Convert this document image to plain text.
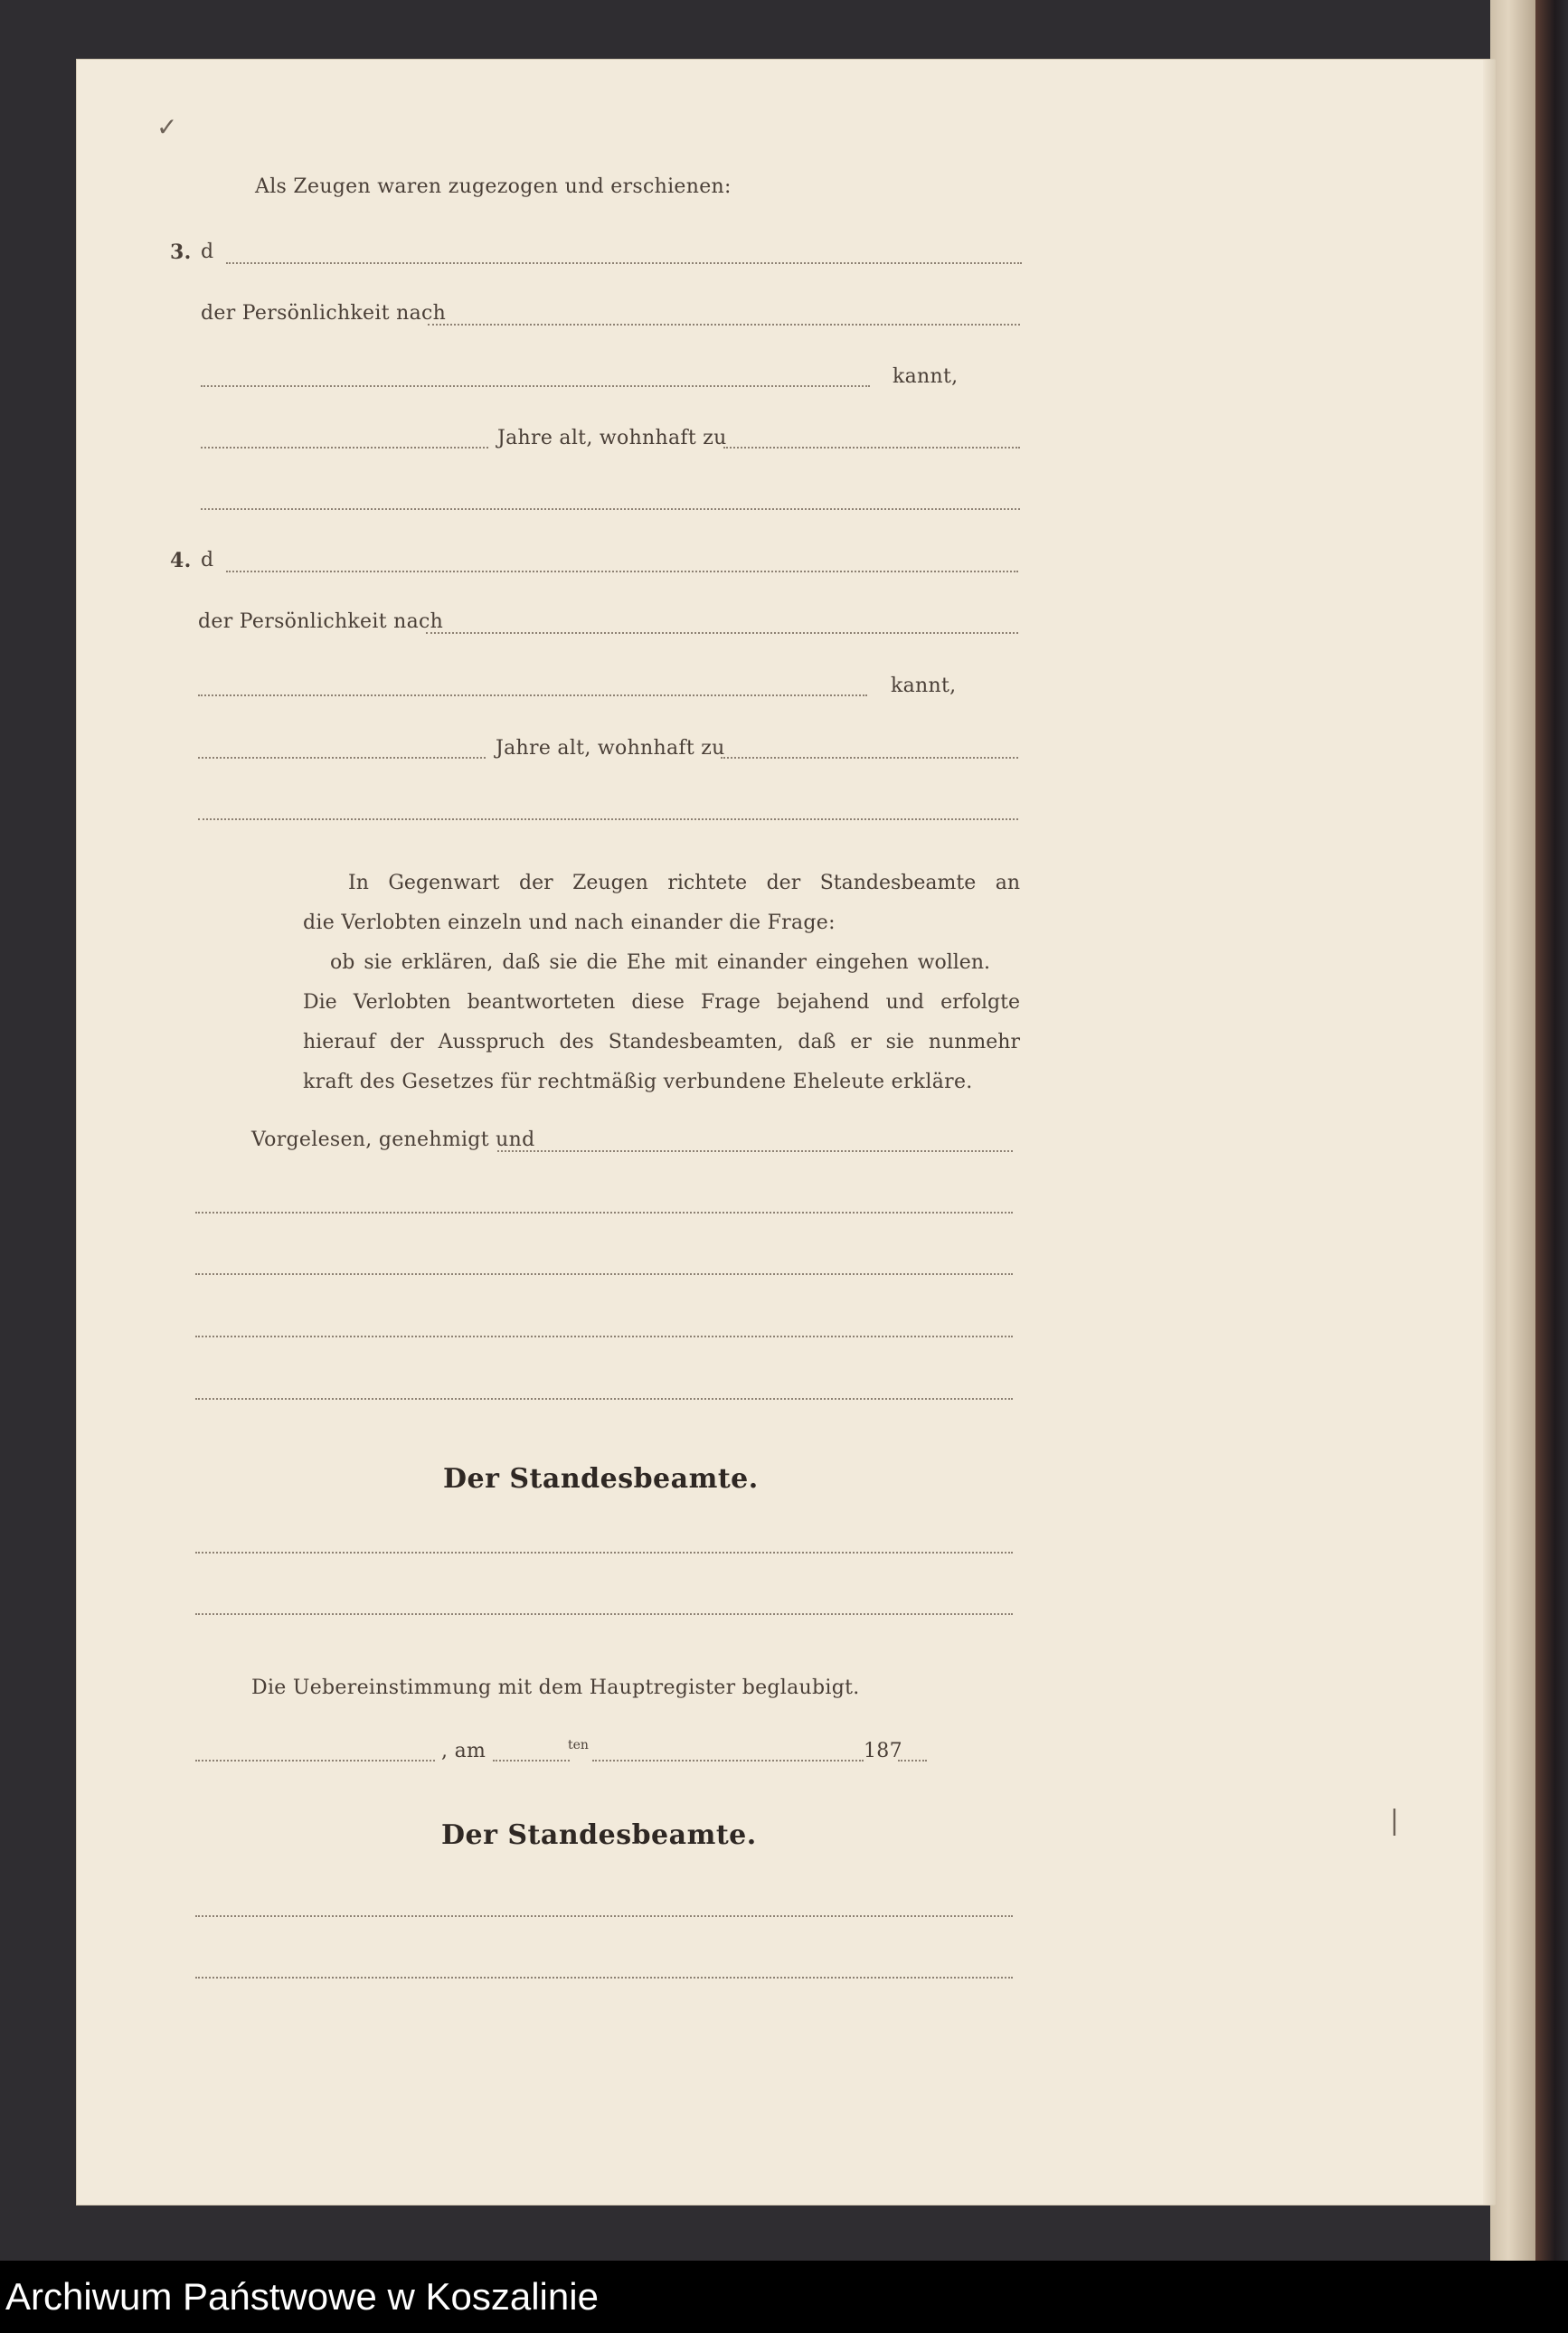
✓
|
Als Zeugen waren zugezogen und erschienen:
3. d
der Persönlichkeit nach
kannt,
Jahre alt, wohnhaft zu
4. d
der Persönlichkeit nach
kannt,
Jahre alt, wohnhaft zu
In Gegenwart der Zeugen richtete der Standesbeamte an
die Verlobten einzeln und nach einander die Frage:
ob sie erklären, daß sie die Ehe mit einander eingehen wollen.
Die Verlobten beantworteten diese Frage bejahend und erfolgte
hierauf der Ausspruch des Standesbeamten, daß er sie nunmehr
kraft des Gesetzes für rechtmäßig verbundene Eheleute erkläre.
Vorgelesen, genehmigt und
Der Standesbeamte.
Die Uebereinstimmung mit dem Hauptregister beglaubigt.
, am	ten	187
Der Standesbeamte.
Archiwum Państwowe w Koszalinie
